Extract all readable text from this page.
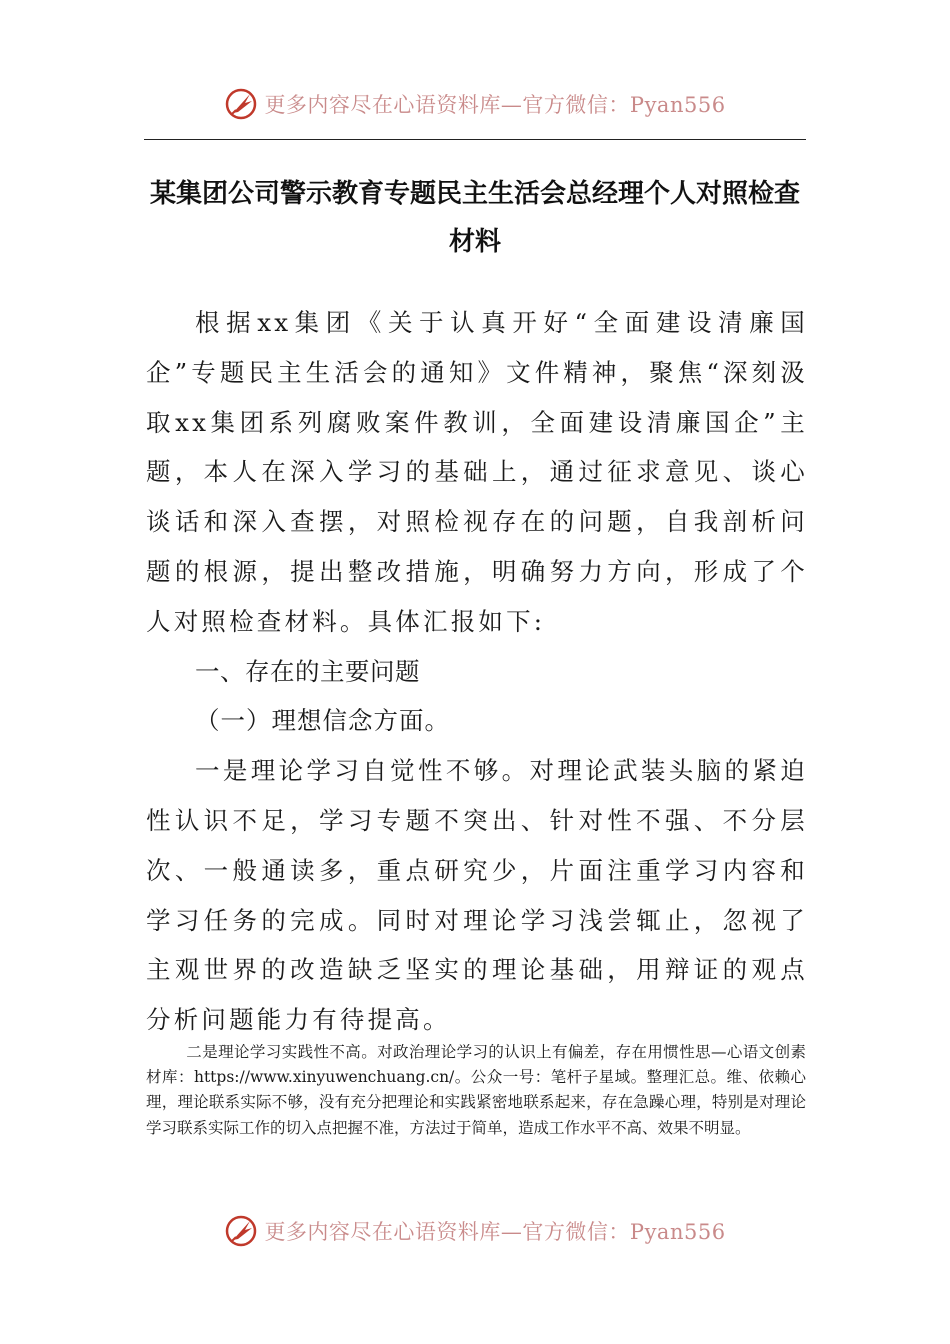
更多内容尽在心语资料库—官方微信：Pyan556
某集团公司警示教育专题民主生活会总经理个人对照检查
材料

根据xx集团《关于认真开好“全面建设清廉国企”专题民主生活会的通知》文件精神，聚焦“深刻汲取xx集团系列腐败案件教训，全面建设清廉国企”主题，本人在深入学习的基础上，通过征求意见、谈心谈话和深入查摆，对照检视存在的问题，自我剖析问题的根源，提出整改措施，明确努力方向，形成了个人对照检查材料。具体汇报如下:

一、存在的主要问题

（一）理想信念方面。

一是理论学习自觉性不够。对理论武装头脑的紧迫性认识不足，学习专题不突出、针对性不强、不分层次、一般通读多，重点研究少，片面注重学习内容和学习任务的完成。同时对理论学习浅尝辄止，忽视了主观世界的改造缺乏坚实的理论基础，用辩证的观点分析问题能力有待提高。

二是理论学习实践性不高。对政治理论学习的认识上有偏差，存在用惯性思—心语文创素材库：https://www.xinyuwenchuang.cn/。公众一号：笔杆子星域。整理汇总。维、依赖心理，理论联系实际不够，没有充分把理论和实践紧密地联系起来，存在急躁心理，特别是对理论学习联系实际工作的切入点把握不准，方法过于简单，造成工作水平不高、效果不明显。

更多内容尽在心语资料库—官方微信：Pyan556
